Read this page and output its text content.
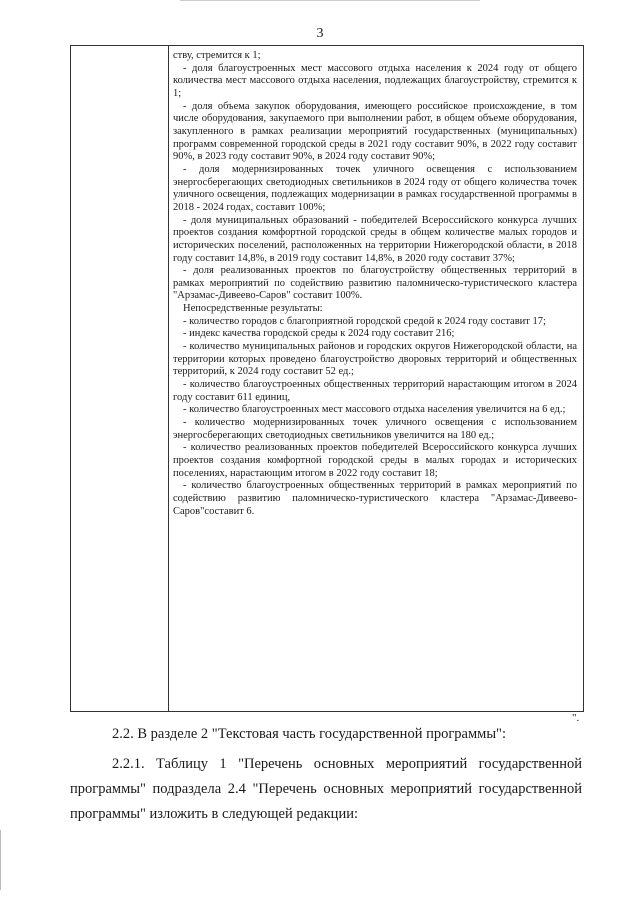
3

ству, стремится к 1;

- доля благоустроенных мест массового отдыха населения к 2024 году от общего количества мест массового отдыха населения, подлежащих благоустройству, стремится к 1;

- доля объема закупок оборудования, имеющего российское происхождение, в том числе оборудования, закупаемого при выполнении работ, в общем объеме оборудования, закупленного в рамках реализации мероприятий государственных (муниципальных) программ современной городской среды в 2021 году составит 90%, в 2022 году составит 90%, в 2023 году составит 90%, в 2024 году составит 90%;

- доля модернизированных точек уличного освещения с использованием энергосберегающих светодиодных светильников в 2024 году от общего количества точек уличного освещения, подлежащих модернизации в рамках государственной программы в 2018 - 2024 годах, составит 100%;

- доля муниципальных образований - победителей Всероссийского конкурса лучших проектов создания комфортной городской среды в общем количестве малых городов и исторических поселений, расположенных на территории Нижегородской области, в 2018 году составит 14,8%, в 2019 году составит 14,8%, в 2020 году составит 37%;

- доля реализованных проектов по благоустройству общественных территорий в рамках мероприятий по содействию развитию паломническо-туристического кластера "Арзамас-Дивеево-Саров" составит 100%.

Непосредственные результаты:

- количество городов с благоприятной городской средой к 2024 году составит 17;

- индекс качества городской среды к 2024 году составит 216;

- количество муниципальных районов и городских округов Нижегородской области, на территории которых проведено благоустройство дворовых территорий и общественных территорий, к 2024 году составит 52 ед.;

- количество благоустроенных общественных территорий нарастающим итогом в 2024 году составит 611 единиц,

- количество благоустроенных мест массового отдыха населения увеличится на 6 ед.;

- количество модернизированных точек уличного освещения с использованием энергосберегающих светодиодных светильников увеличится на 180 ед.;

- количество реализованных проектов победителей Всероссийского конкурса лучших проектов создания комфортной городской среды в малых городах и исторических поселениях, нарастающим итогом в 2022 году составит 18;

- количество благоустроенных общественных территорий в рамках мероприятий по содействию развитию паломническо-туристического кластера "Арзамас-Дивеево-Саров"составит 6.

".

2.2. В разделе 2 "Текстовая часть государственной программы":

2.2.1. Таблицу 1 "Перечень основных мероприятий государственной программы" подраздела 2.4 "Перечень основных мероприятий государственной программы" изложить в следующей редакции:
